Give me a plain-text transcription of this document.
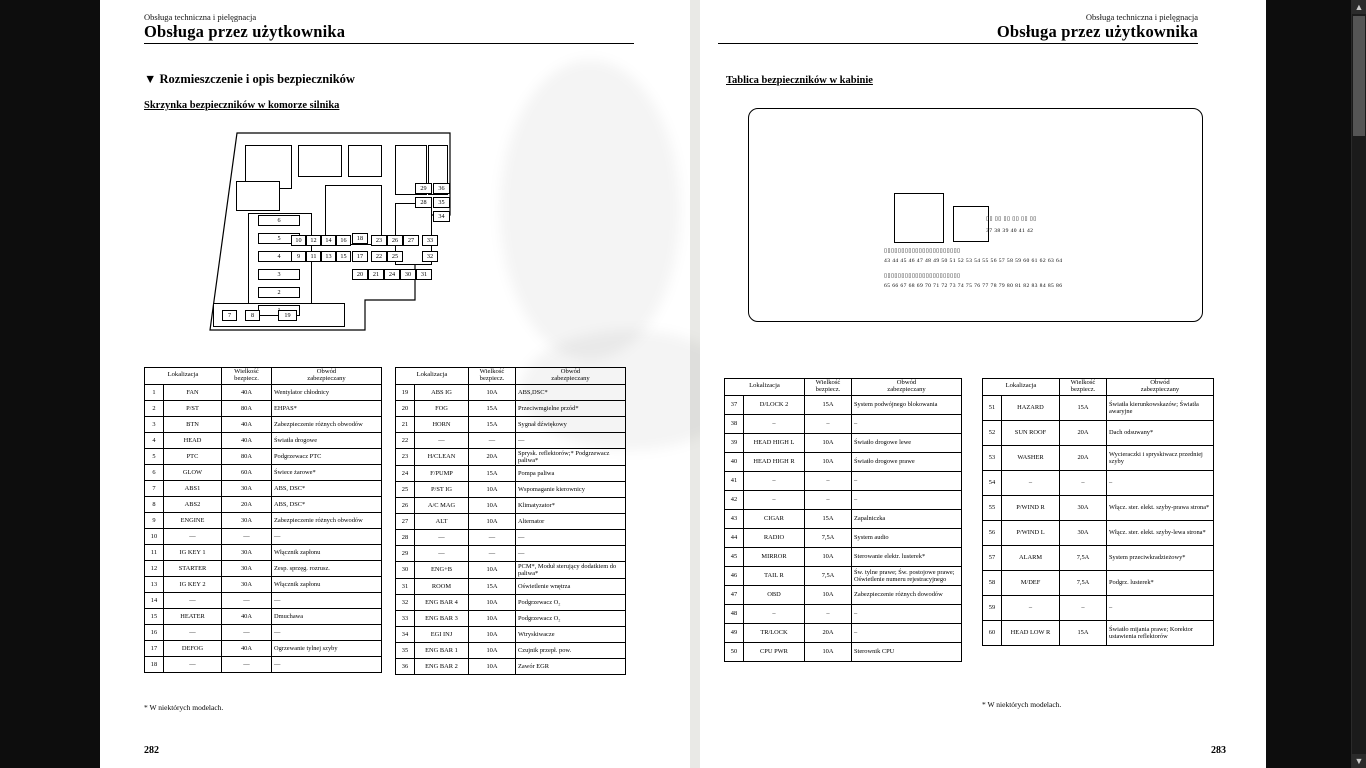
Obsługa techniczna i pielęgnacja
Obsługa przez użytkownika
▼ Rozmieszczenie i opis bezpieczników
Skrzynka bezpieczników w komorze silnika
6
5
4
3
2
7	8	19
10	12	14	16
9	11	13	15
29	36
28	35
34
18	23	26	27	33
17	22	25	32
20	21	24	30	31
Lokalizacja		Wielkość
bezpiecz.	Obwód
zabezpieczany
1	FAN	40A	Wentylator chłodnicy
2	P/ST	80A	EHPAS*
3	BTN	40A	Zabezpieczenie różnych obwodów
4	HEAD	40A	Światła drogowe
5	PTC	80A	Podgrzewacz PTC
6	GLOW	60A	Świece żarowe*
7	ABS1	30A	ABS, DSC*
8	ABS2	20A	ABS, DSC*
9	ENGINE	30A	Zabezpieczenie różnych obwodów
10	—	—	—
11	IG KEY 1	30A	Włącznik zapłonu
12	STARTER	30A	Zesp. sprzęg. rozrusz.
13	IG KEY 2	30A	Włącznik zapłonu
14	—	—	—
15	HEATER	40A	Dmuchawa
16	—	—	—
17	DEFOG	40A	Ogrzewanie tylnej szyby
18	—	—	—
Lokalizacja		Wielkość
bezpiecz.	Obwód
zabezpieczany
19	ABS IG	10A	ABS,DSC*
20	FOG	15A	Przeciwmgielne przód*
21	HORN	15A	Sygnał dźwiękowy
22	—	—	—
23	H/CLEAN	20A	Sprysk. reflektorów;* Podgrzewacz paliwa*
24	F/PUMP	15A	Pompa paliwa
25	P/ST IG	10A	Wspomaganie kierownicy
26	A/C MAG	10A	Klimatyzator*
27	ALT	10A	Alternator
28	—	—	—
29	—	—	—
30	ENG+B	10A	PCM*, Moduł sterujący dodatkiem do paliwa*
31	ROOM	15A	Oświetlenie wnętrza
32	ENG BAR 4	10A	Podgrzewacz O₂
33	ENG BAR 3	10A	Podgrzewacz O₂
34	EGI INJ	10A	Wtryskiwacze
35	ENG BAR 1	10A	Czujnik przepł. pow.
36	ENG BAR 2	10A	Zawór EGR
* W niektórych modelach.
282
Obsługa techniczna i pielęgnacja
Obsługa przez użytkownika
Tablica bezpieczników w kabinie
37 38 39 40 41 42
▯▯ ▯▯ ▯▯ ▯▯ ▯▯ ▯▯
▯▯▯▯▯▯▯▯▯▯▯▯▯▯▯▯▯▯▯▯▯▯
43 44 45 46 47 48 49 50 51 52 53 54 55 56 57 58 59 60 61 62 63 64
▯▯▯▯▯▯▯▯▯▯▯▯▯▯▯▯▯▯▯▯▯▯
65 66 67 68 69 70 71 72 73 74 75 76 77 78 79 80 81 82 83 84 85 86
Lokalizacja		Wielkość
bezpiecz.	Obwód
zabezpieczany
37	D/LOCK 2	15A	System podwójnego blokowania
38	–	–	–
39	HEAD HIGH L	10A	Światło drogowe lewe
40	HEAD HIGH R	10A	Światło drogowe prawe
41	–	–	–
42	–	–	–
43	CIGAR	15A	Zapalniczka
44	RADIO	7,5A	System audio
45	MIRROR	10A	Sterowanie elektr. lusterek*
46	TAIL R	7,5A	Św. tylne prawe; Św. postojowe prawe; Oświetlenie numeru rejestracyjnego
47	OBD	10A	Zabezpieczenie różnych dowodów
48	–	–	–
49	TR/LOCK	20A	–
50	CPU PWR	10A	Sterownik CPU
Lokalizacja		Wielkość
bezpiecz.	Obwód
zabezpieczany
51	HAZARD	15A	Światła kierunkowskazów; Światła awaryjne
52	SUN ROOF	20A	Dach odsuwany*
53	WASHER	20A	Wycieraczki i spryskiwacz przedniej szyby
54	–	–	–
55	P/WIND R	30A	Włącz. ster. elekt. szyby-prawa strona*
56	P/WIND L	30A	Włącz. ster. elekt. szyby-lewa strona*
57	ALARM	7,5A	System przeciwkradzieżowy*
58	M/DEF	7,5A	Podgrz. lusterek*
59	–	–	–
60	HEAD LOW R	15A	Światło mijania prawe; Korektor ustawienia reflektorów
* W niektórych modelach.
283
▲
▼
